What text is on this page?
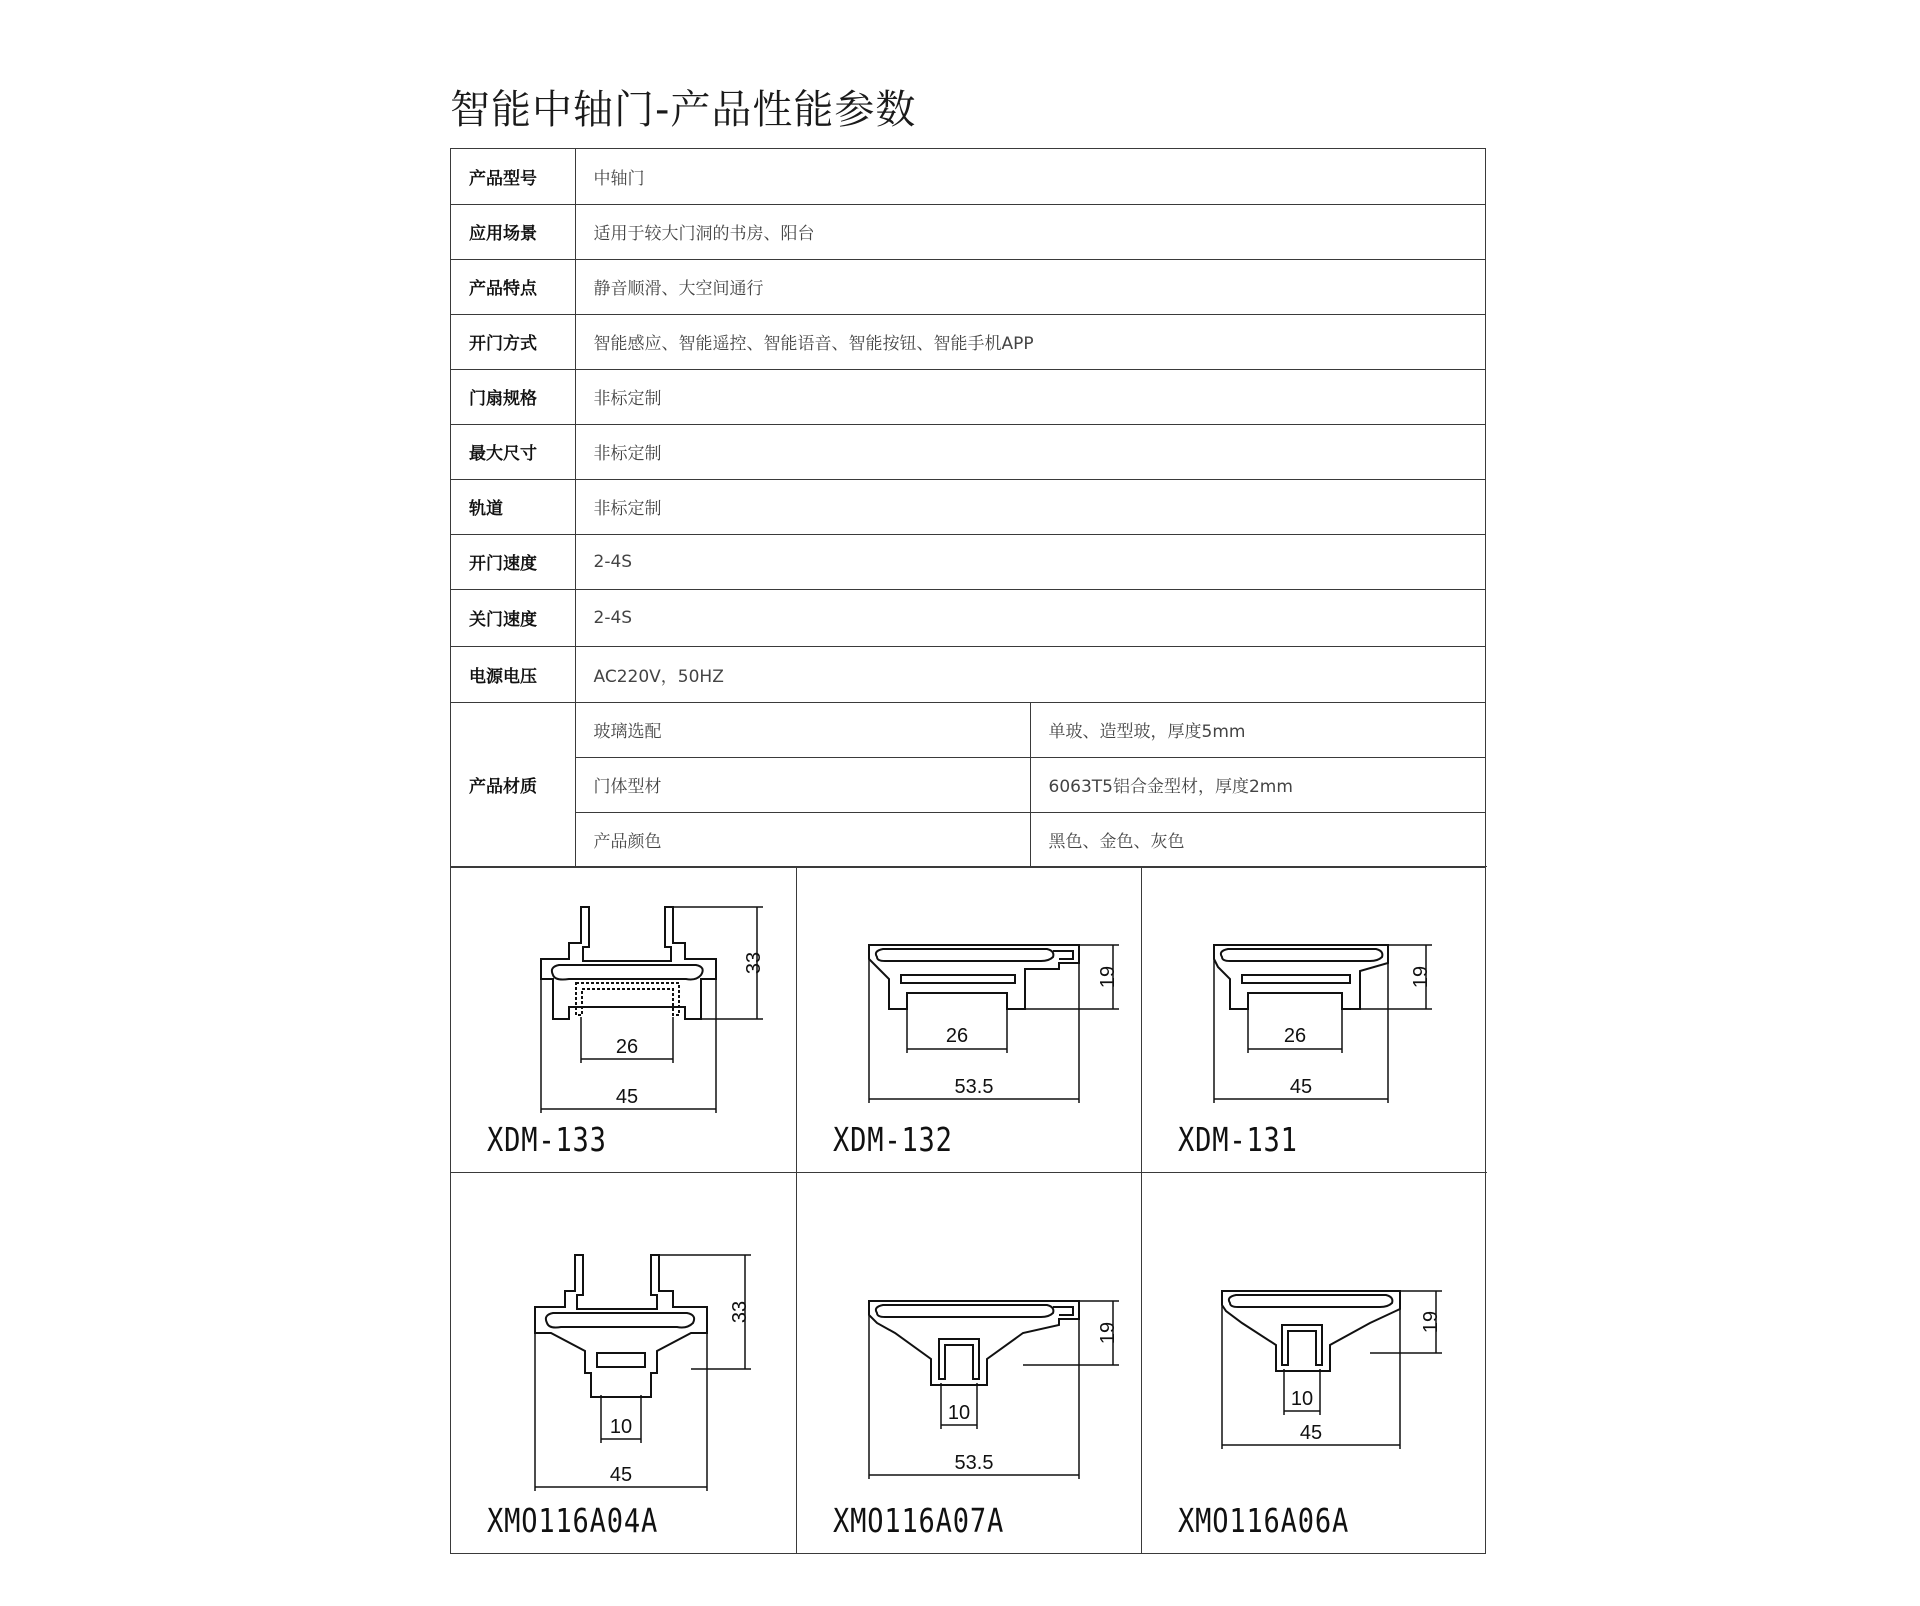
智能中轴门-产品性能参数
产品型号	中轴门	
应用场景	适用于较大门洞的书房、阳台	
产品特点	静音顺滑、大空间通行	
开门方式	智能感应、智能遥控、智能语音、智能按钮、智能手机APP	
门扇规格	非标定制	
最大尺寸	非标定制	
轨道	非标定制	
开门速度	2-4S	
关门速度	2-4S	
电源电压	AC220V，50HZ	
产品材质	玻璃选配	单玻、造型玻，厚度5mm
	门体型材	6063T5铝合金型材，厚度2mm
	产品颜色	黑色、金色、灰色
33
26
45
XDM-133
19
26
53.5
XDM-132
19
26
45
XDM-131
33
10
45
XMO116A04A
19
10
53.5
XMO116A07A
19
10
45
XMO116A06A
